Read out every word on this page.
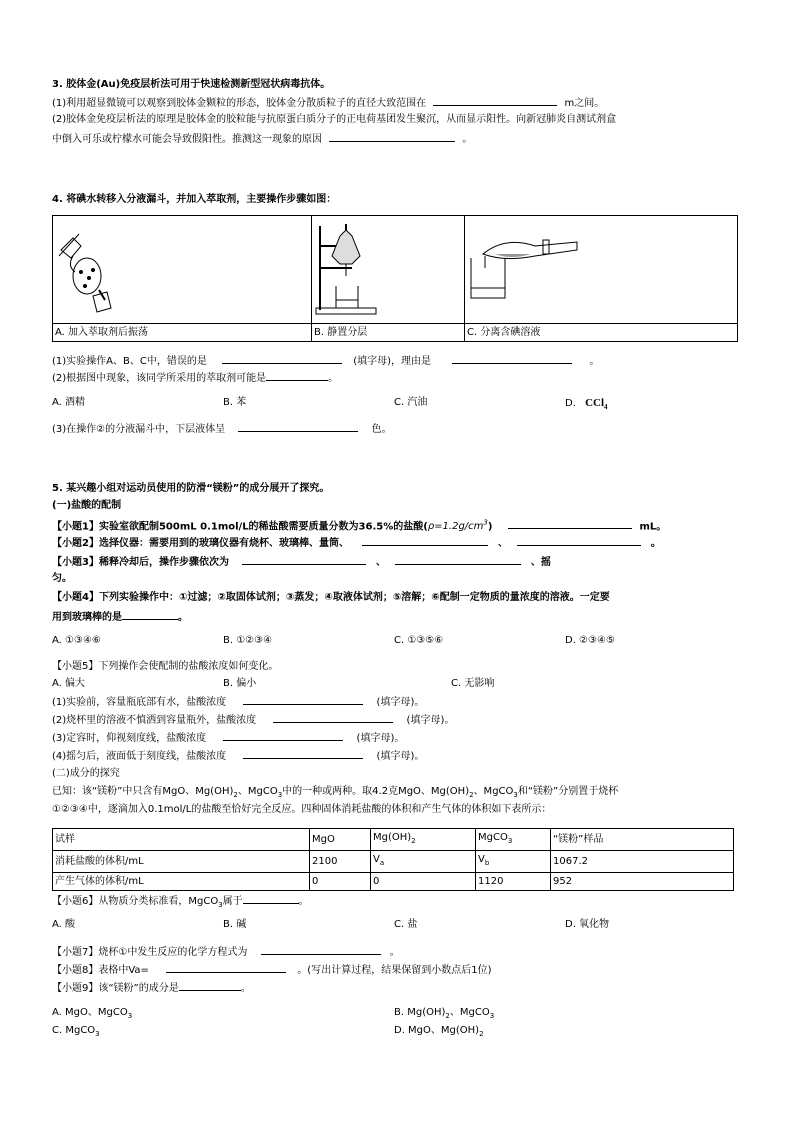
3. 胶体金(Au)免疫层析法可用于快速检测新型冠状病毒抗体。
(1)利用超显微镜可以观察到胶体金颗粒的形态，胶体金分散质粒子的直径大致范围在	m之间。
(2)胶体金免疫层析法的原理是胶体金的胶粒能与抗原蛋白质分子的正电荷基团发生聚沉，从而显示阳性。向新冠肺炎自测试剂盒
中倒入可乐或柠檬水可能会导致假阳性。推测这一现象的原因	。
4. 将碘水转移入分液漏斗，并加入萃取剂，主要操作步骤如图：

A. 加入萃取剂后振荡	B. 静置分层	C. 分离含碘溶液
(1)实验操作A、B、C中，错误的是	(填字母)，理由是	。
(2)根据图中现象，该同学所采用的萃取剂可能是	。
A. 酒精	B. 苯	C. 汽油	D. CCl$_4$
(3)在操作②的分液漏斗中，下层液体呈	色。
5. 某兴趣小组对运动员使用的防滑“镁粉”的成分展开了探究。
(一)盐酸的配制
【小题1】实验室欲配制500mL 0.1mol/L的稀盐酸需要质量分数为36.5%的盐酸$(\rho=1.2g/cm^3)$	mL。
【小题2】选择仪器：需要用到的玻璃仪器有烧杯、玻璃棒、量筒、	、	。
【小题3】稀释冷却后，操作步骤依次为	、	、摇
匀。
【小题4】下列实验操作中：①过滤；②取固体试剂；③蒸发；④取液体试剂；⑤溶解；⑥配制一定物质的量浓度的溶液。一定要
用到玻璃棒的是	。
A. ①③④⑥	B. ①②③④	C. ①③⑤⑥	D. ②③④⑤
【小题5】下列操作会使配制的盐酸浓度如何变化。
A. 偏大	B. 偏小	C. 无影响
(1)实验前，容量瓶底部有水，盐酸浓度	(填字母)。
(2)烧杯里的溶液不慎洒到容量瓶外，盐酸浓度	(填字母)。
(3)定容时，仰视刻度线，盐酸浓度	(填字母)。
(4)摇匀后，液面低于刻度线，盐酸浓度	(填字母)。
(二)成分的探究
已知：该“镁粉”中只含有MgO、$Mg(OH)_2$、MgCO$_3$中的一种或两种。取4.2克MgO、$Mg(OH)_2$、MgCO$_3$和“镁粉”分别置于烧杯
①②③④中，逐滴加入0.1mol/L的盐酸至恰好完全反应。四种固体消耗盐酸的体积和产生气体的体积如下表所示：
试样	MgO	$Mg(OH)_2$	MgCO$_3$	“镁粉”样品
消耗盐酸的体积/mL	2100	$V_a$	$V_b$	1067.2
产生气体的体积/mL	0	0	1120	952
【小题6】从物质分类标准看，MgCO$_3$属于	。
A. 酸	B. 碱	C. 盐	D. 氧化物
【小题7】烧杯①中发生反应的化学方程式为	。
【小题8】表格中Va=	。(写出计算过程，结果保留到小数点后1位)
【小题9】该“镁粉”的成分是	。
A. MgO、MgCO$_3$	B. $Mg(OH)_2$、MgCO$_3$
C. MgCO$_3$	D. MgO、$Mg(OH)_2$
